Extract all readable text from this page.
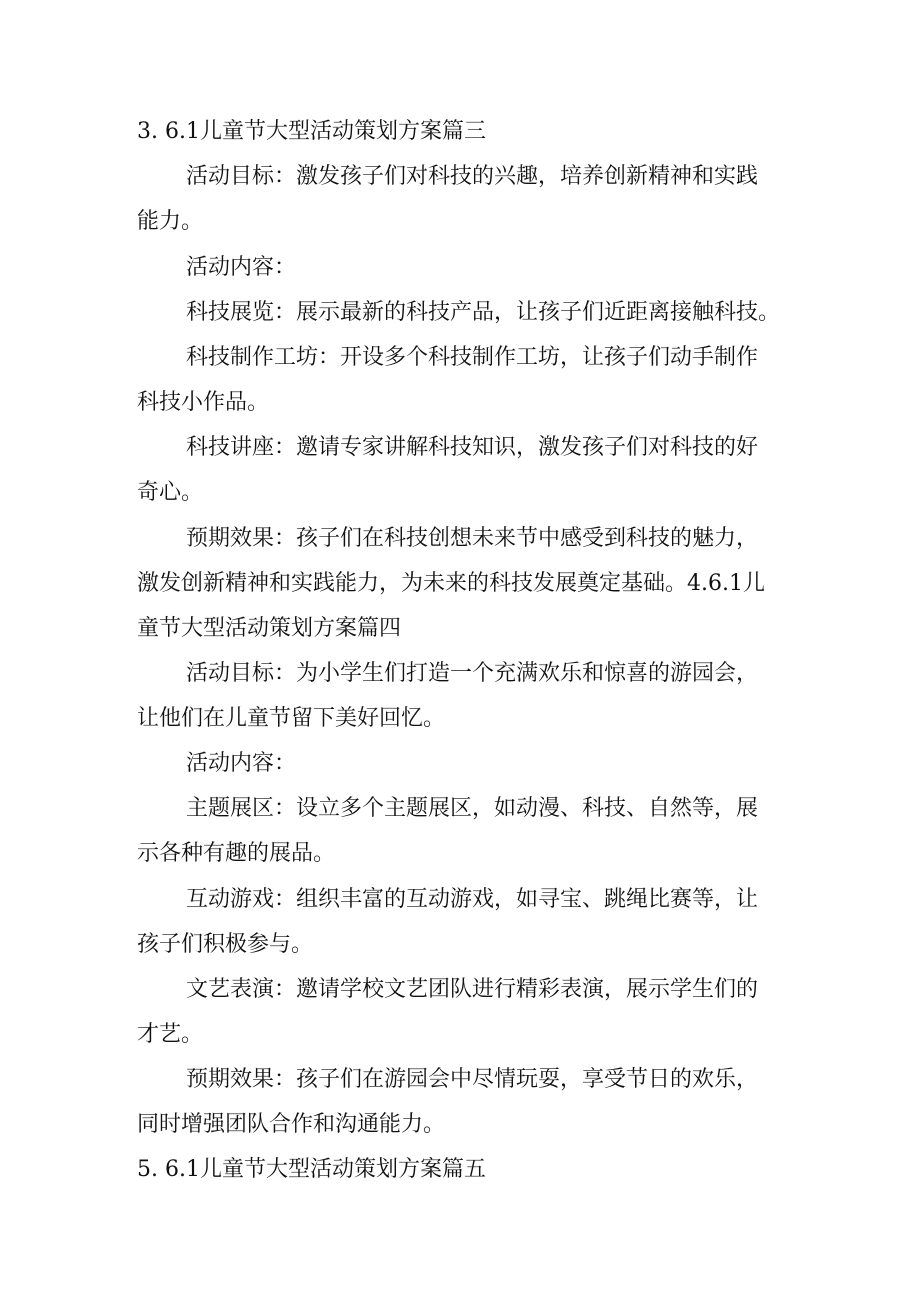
3. 6.1儿童节大型活动策划方案篇三
活动目标：激发孩子们对科技的兴趣，培养创新精神和实践
能力。
活动内容：
科技展览：展示最新的科技产品，让孩子们近距离接触科技。
科技制作工坊：开设多个科技制作工坊，让孩子们动手制作
科技小作品。
科技讲座：邀请专家讲解科技知识，激发孩子们对科技的好
奇心。
预期效果：孩子们在科技创想未来节中感受到科技的魅力，
激发创新精神和实践能力，为未来的科技发展奠定基础。4.6.1儿
童节大型活动策划方案篇四
活动目标：为小学生们打造一个充满欢乐和惊喜的游园会，
让他们在儿童节留下美好回忆。
活动内容：
主题展区：设立多个主题展区，如动漫、科技、自然等，展
示各种有趣的展品。
互动游戏：组织丰富的互动游戏，如寻宝、跳绳比赛等，让
孩子们积极参与。
文艺表演：邀请学校文艺团队进行精彩表演，展示学生们的
才艺。
预期效果：孩子们在游园会中尽情玩耍，享受节日的欢乐，
同时增强团队合作和沟通能力。
5. 6.1儿童节大型活动策划方案篇五
